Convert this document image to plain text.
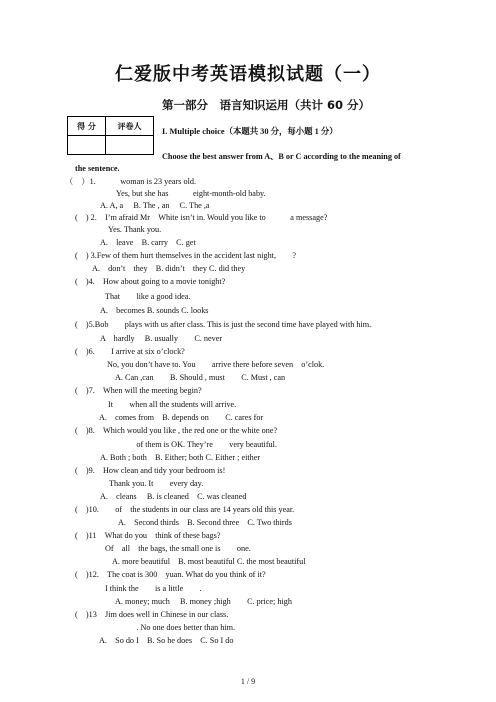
仁爱版中考英语模拟试题（一）
第一部分　语言知识运用（共计 60 分）
得 分	评卷人

I. Multiple choice（本题共 30 分，每小题 1 分）
Choose the best answer from A、B or C according to the meaning of
the sentence.
（　）1.　　　woman is 23 years old.
Yes, but she has　　　eight-month-old baby.
A. A, a　 B. The , an　 C. The ,a
(　) 2.　I’m afraid Mr　White isn’t in. Would you like to　　　a message?
Yes. Thank you.
A.　leave　B. carry　C. get
(　) 3.Few of them hurt themselves in the accident last night,　　?
A.　don’t　they　B. didn’t　they C. did they
(　)4.　How about going to a movie tonight?
That　　like a good idea.
A.　becomes B. sounds C. looks
(　)5.Bob　　plays with us after class. This is just the second time have played with him.
A　hardly　 B. usually　　C. never
(　)6.　　I arrive at six o’clock?
No, you don’t have to. You　　arrive there before seven　o’clok.
A. Can ,can　　B. Should , must　　C. Must , can
(　)7.　When will the meeting begin?
It　　when all the students will arrive.
A.　comes from　B. depends on　　C. cares for
(　)8.　Which would you like , the red one or the white one?
　　of them is OK. They’re　　very beautiful.
A. Both ; both　B. Either; both C. Either ; either
(　)9.　How clean and tidy your bedroom is!
Thank you. It　　every day.
A.　cleans　 B. is cleaned　C. was cleaned
(　)10.　　of　the students in our class are 14 years old this year.
A.　Second thirds　B. Second three　C. Two thirds
(　)11　What do you　think of these bags?
Of　all　the bags, the small one is　　one.
A. more beautiful　B. most beautiful C. the most beautiful
(　)12.　The coat is 300　yuan. What do you think of it?
I think the　　is a little　　.
A. money; much　 B. money ;high　　C. price; high
(　)13　Jim does well in Chinese in our class.
　　. No one does better than him.
A.　So do I　B. So he does　C. So I do
1 / 9
